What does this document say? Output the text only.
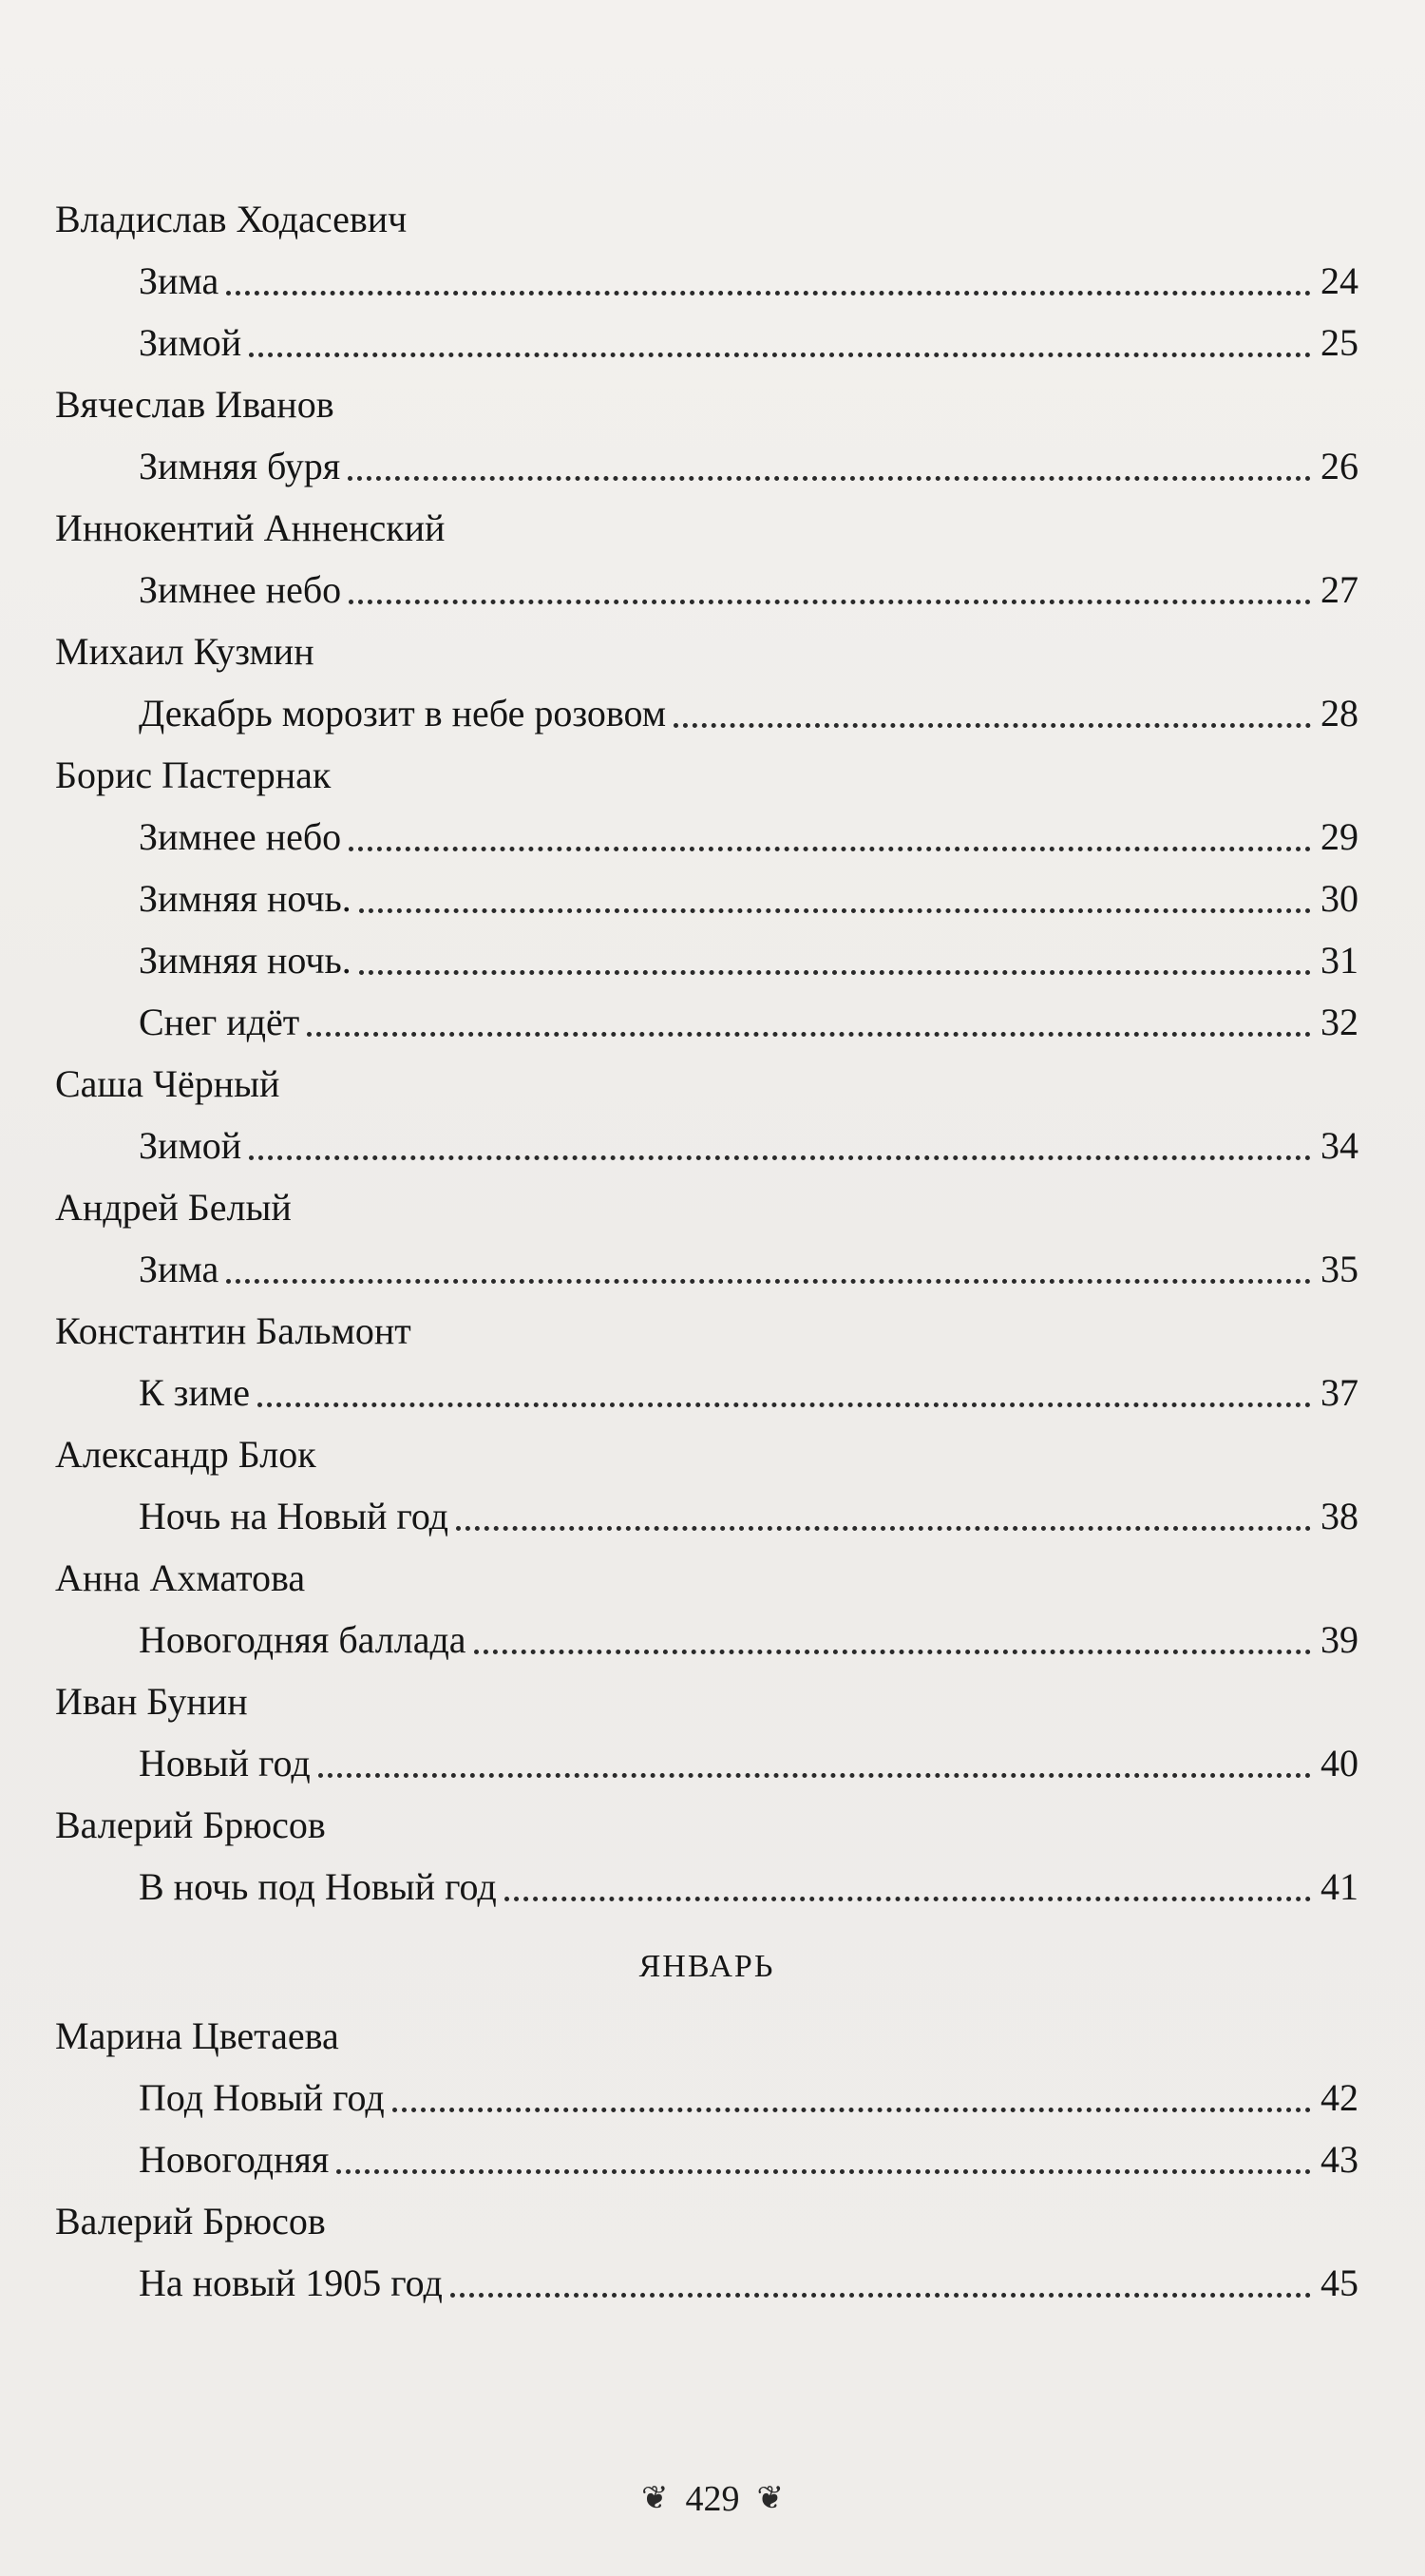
Владислав Ходасевич
Зима	24
Зимой	25
Вячеслав Иванов
Зимняя буря	26
Иннокентий Анненский
Зимнее небо	27
Михаил Кузмин
Декабрь морозит в небе розовом	28
Борис Пастернак
Зимнее небо	29
Зимняя ночь.	30
Зимняя ночь.	31
Снег идёт	32
Саша Чёрный
Зимой	34
Андрей Белый
Зима	35
Константин Бальмонт
К зиме	37
Александр Блок
Ночь на Новый год	38
Анна Ахматова
Новогодняя баллада	39
Иван Бунин
Новый год	40
Валерий Брюсов
В ночь под Новый год	41
ЯНВАРЬ
Марина Цветаева
Под Новый год	42
Новогодняя	43
Валерий Брюсов
На новый 1905 год	45
❦ 429 ❦
